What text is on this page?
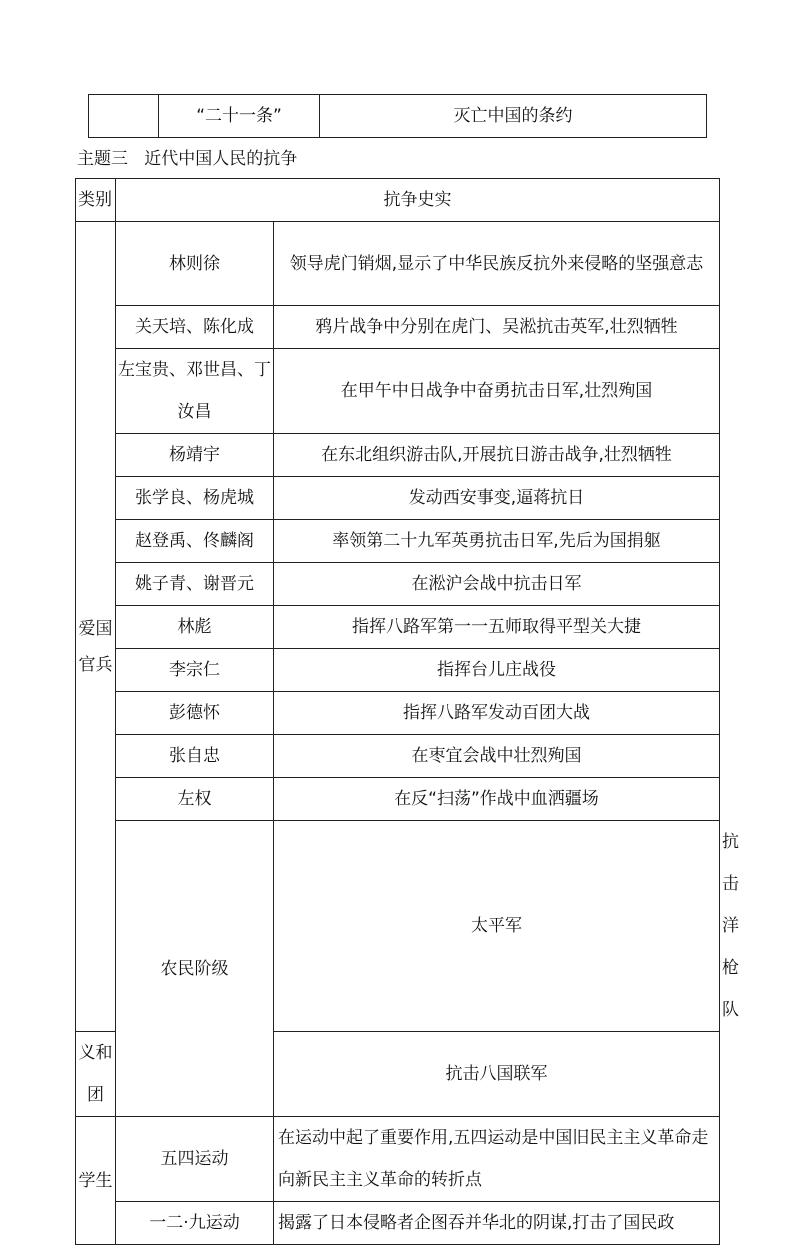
	“二十一条”	灭亡中国的条约
主题三   近代中国人民的抗争
类别	抗争史实		
爱国官兵	林则徐	领导虎门销烟,显示了中华民族反抗外来侵略的坚强意志	
	关天培、陈化成	鸦片战争中分别在虎门、吴淞抗击英军,壮烈牺牲	
	左宝贵、邓世昌、丁汝昌	在甲午中日战争中奋勇抗击日军,壮烈殉国	
	杨靖宇	在东北组织游击队,开展抗日游击战争,壮烈牺牲	
	张学良、杨虎城	发动西安事变,逼蒋抗日	
	赵登禹、佟麟阁	率领第二十九军英勇抗击日军,先后为国捐躯	
	姚子青、谢晋元	在淞沪会战中抗击日军	
	林彪	指挥八路军第一一五师取得平型关大捷	
	李宗仁	指挥台儿庄战役	
	彭德怀	指挥八路军发动百团大战	
	张自忠	在枣宜会战中壮烈殉国	
	左权	在反“扫荡”作战中血洒疆场	
	农民阶级	太平军	抗击洋枪队
义和团		抗击八国联军	
学生	五四运动	在运动中起了重要作用,五四运动是中国旧民主主义革命走向新民主主义革命的转折点	
	一二·九运动	揭露了日本侵略者企图吞并华北的阴谋,打击了国民政	
